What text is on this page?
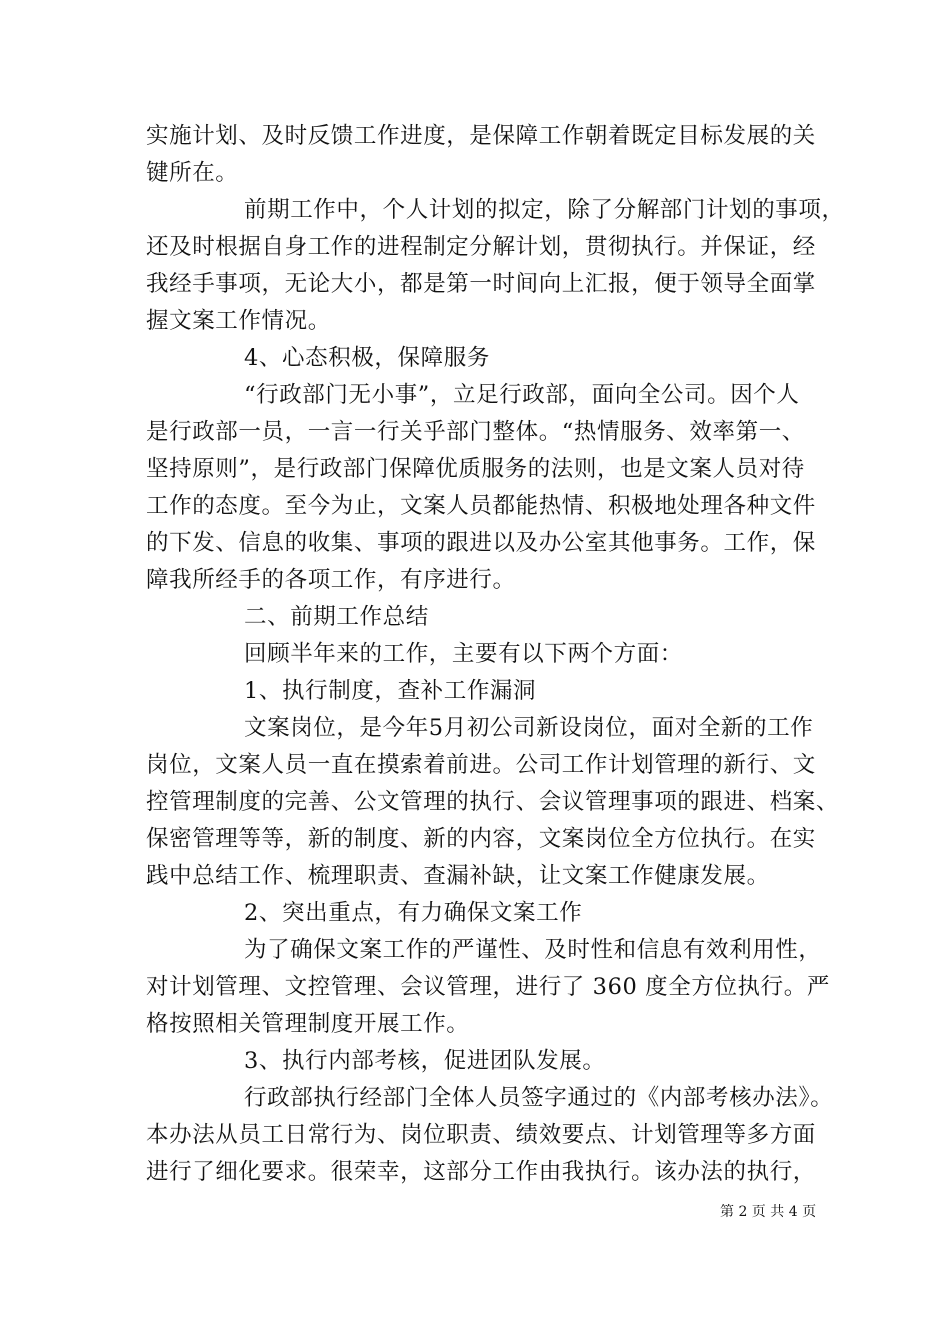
实施计划、及时反馈工作进度，是保障工作朝着既定目标发展的关
键所在。
前期工作中，个人计划的拟定，除了分解部门计划的事项，
还及时根据自身工作的进程制定分解计划，贯彻执行。并保证，经
我经手事项，无论大小，都是第一时间向上汇报，便于领导全面掌
握文案工作情况。
4、心态积极，保障服务
“行政部门无小事”，立足行政部，面向全公司。因个人
是行政部一员，一言一行关乎部门整体。“热情服务、效率第一、
坚持原则”，是行政部门保障优质服务的法则，也是文案人员对待
工作的态度。至今为止，文案人员都能热情、积极地处理各种文件
的下发、信息的收集、事项的跟进以及办公室其他事务。工作，保
障我所经手的各项工作，有序进行。
二、前期工作总结
回顾半年来的工作，主要有以下两个方面：
1、执行制度，查补工作漏洞
文案岗位，是今年5月初公司新设岗位，面对全新的工作
岗位，文案人员一直在摸索着前进。公司工作计划管理的新行、文
控管理制度的完善、公文管理的执行、会议管理事项的跟进、档案、
保密管理等等，新的制度、新的内容，文案岗位全方位执行。在实
践中总结工作、梳理职责、查漏补缺，让文案工作健康发展。
2、突出重点，有力确保文案工作
为了确保文案工作的严谨性、及时性和信息有效利用性，
对计划管理、文控管理、会议管理，进行了 360 度全方位执行。严
格按照相关管理制度开展工作。
3、执行内部考核，促进团队发展。
行政部执行经部门全体人员签字通过的《内部考核办法》。
本办法从员工日常行为、岗位职责、绩效要点、计划管理等多方面
进行了细化要求。很荣幸，这部分工作由我执行。该办法的执行，
第 2 页 共 4 页
